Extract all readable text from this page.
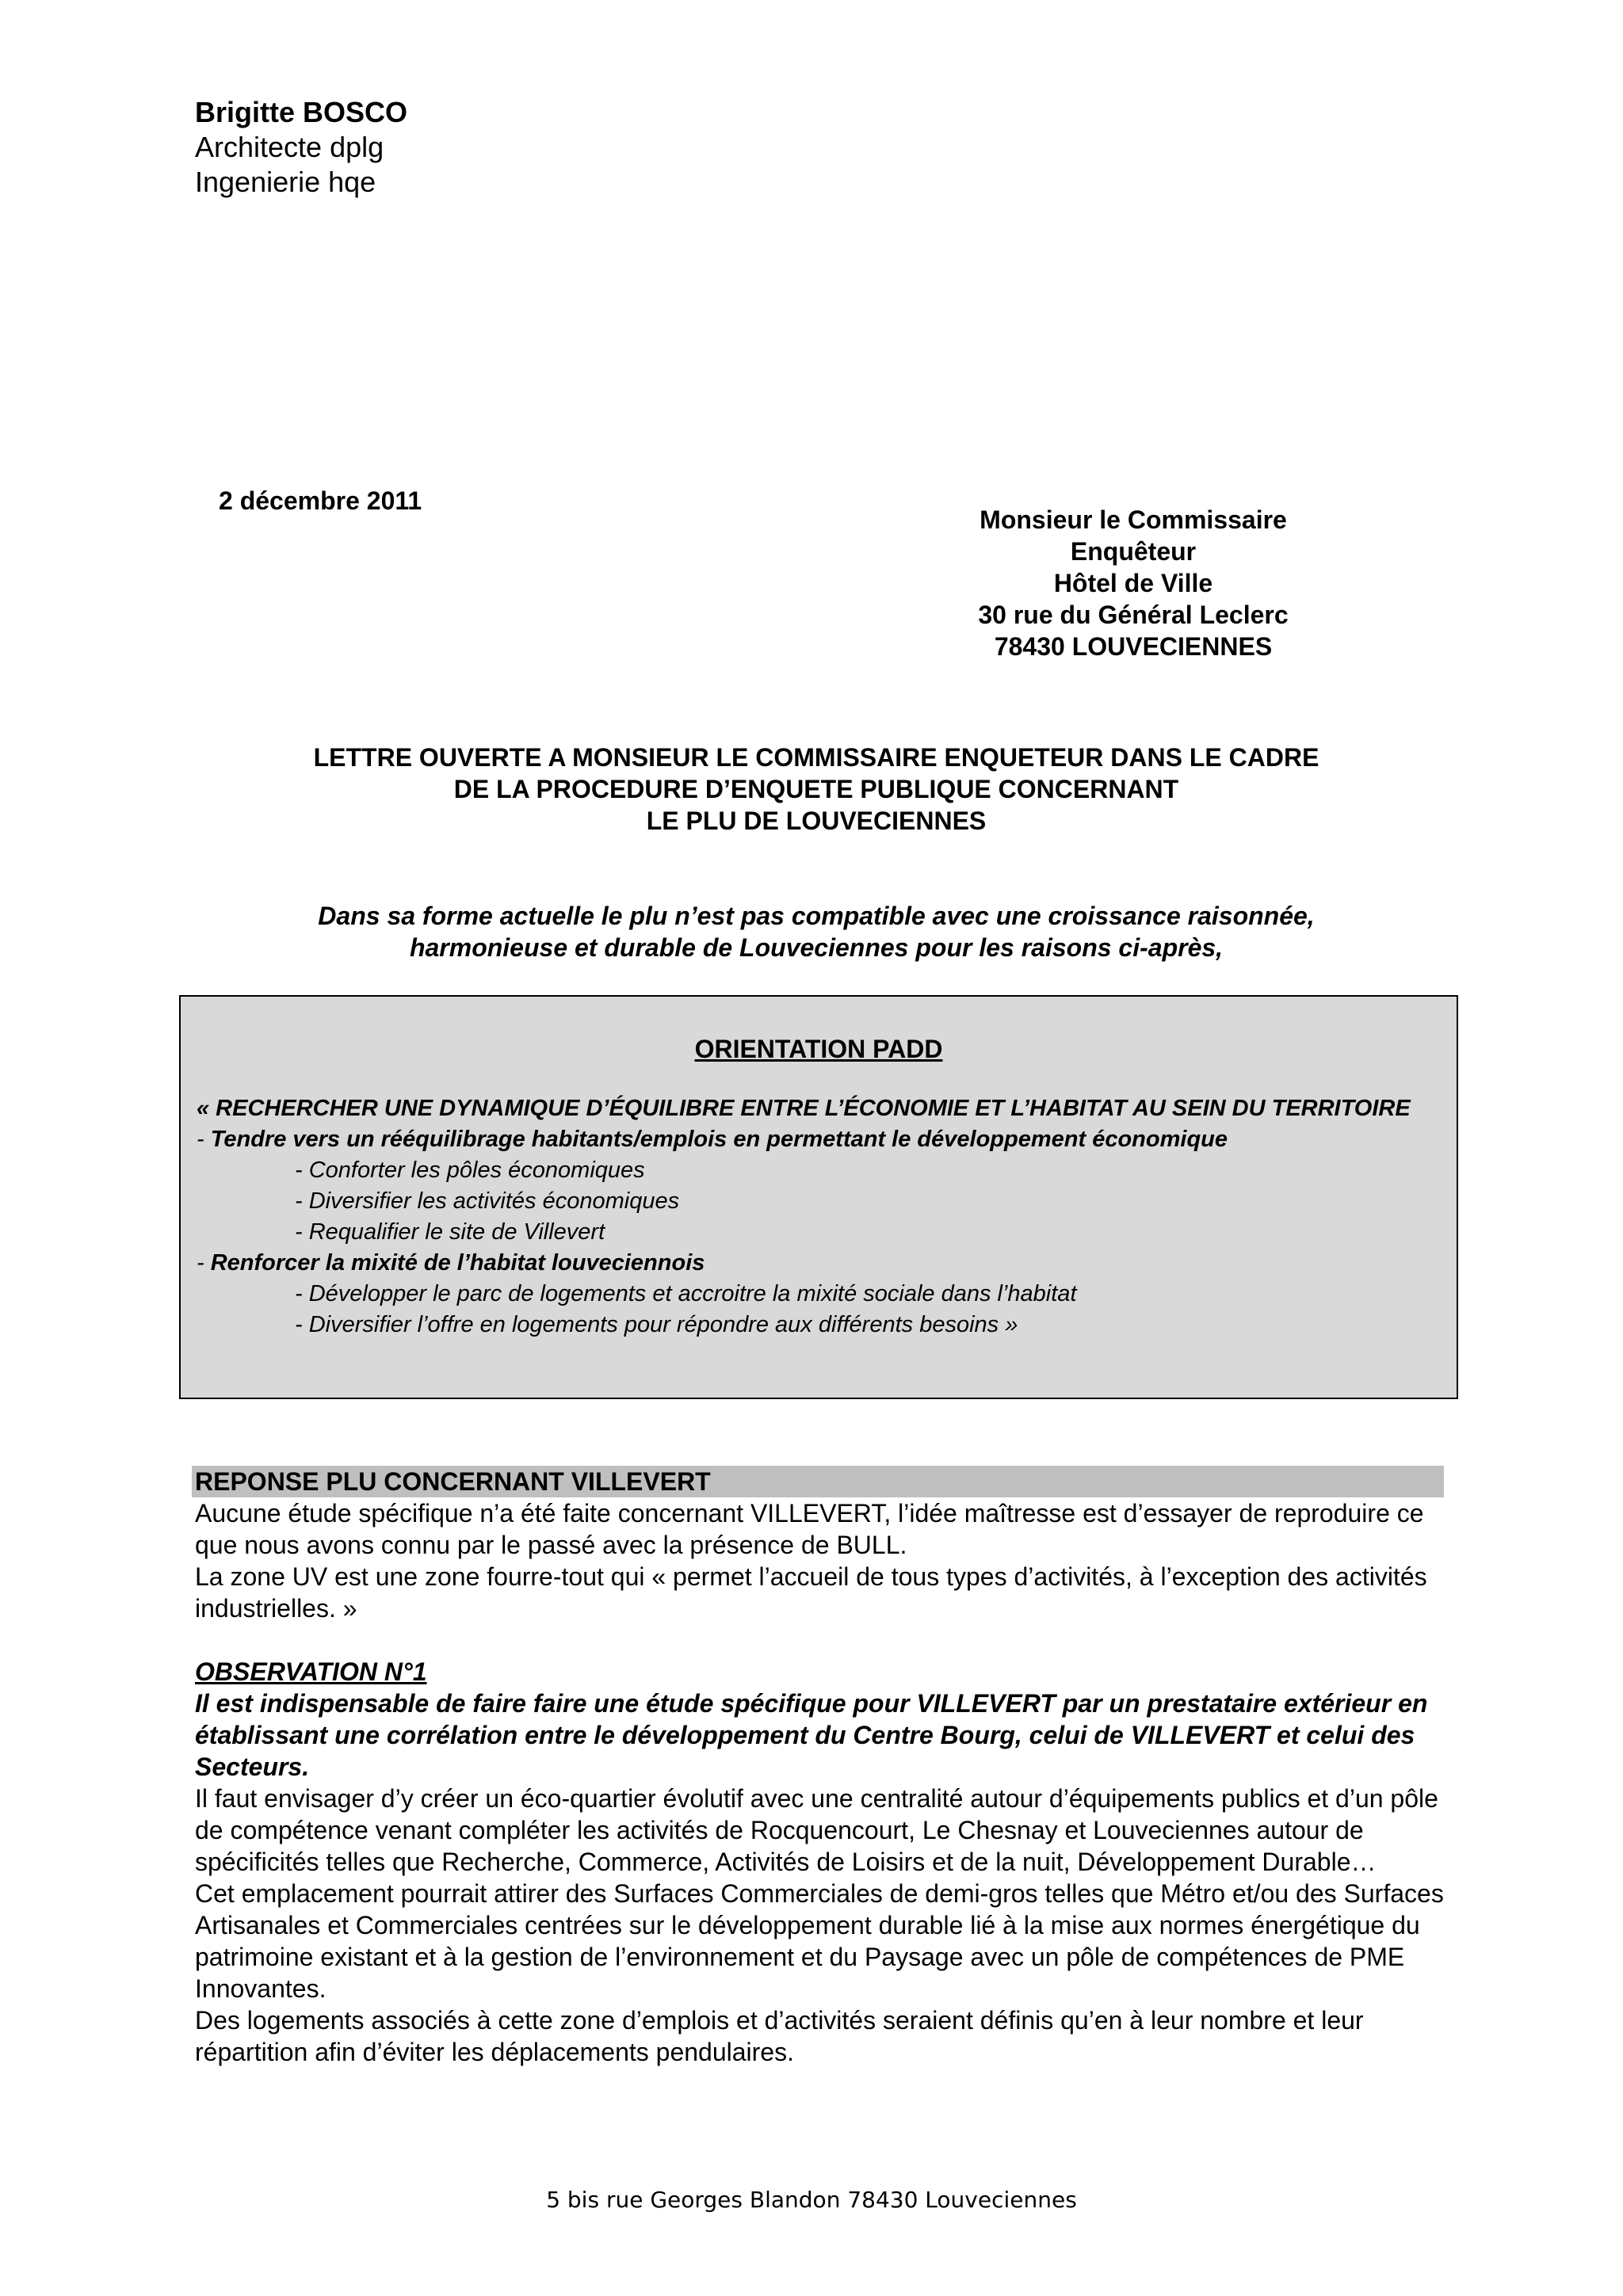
Brigitte BOSCO
Architecte dplg
Ingenierie hqe
2 décembre 2011
Monsieur le Commissaire
Enquêteur
Hôtel de Ville
30 rue du Général Leclerc
78430 LOUVECIENNES
LETTRE OUVERTE A MONSIEUR LE COMMISSAIRE ENQUETEUR DANS LE CADRE
DE LA PROCEDURE D’ENQUETE PUBLIQUE CONCERNANT
LE PLU DE LOUVECIENNES
Dans sa forme actuelle le plu n’est pas compatible avec une croissance raisonnée,
harmonieuse et durable de Louveciennes pour les raisons ci-après,
ORIENTATION PADD
« RECHERCHER UNE DYNAMIQUE D’ÉQUILIBRE ENTRE L’ÉCONOMIE ET L’HABITAT AU SEIN DU TERRITOIRE
- Tendre vers un rééquilibrage habitants/emplois en permettant le développement économique
- Conforter les pôles économiques
- Diversifier les activités économiques
- Requalifier le site de Villevert
- Renforcer la mixité de l’habitat louveciennois
- Développer le parc de logements et accroitre la mixité sociale dans l’habitat
- Diversifier l’offre en logements pour répondre aux différents besoins »
REPONSE PLU CONCERNANT VILLEVERT
Aucune étude spécifique n’a été faite concernant VILLEVERT, l’idée maîtresse est d’essayer de reproduire ce que nous avons connu par le passé avec la présence de BULL.
La zone UV est une zone fourre-tout qui « permet l’accueil de tous types d’activités, à l’exception des activités industrielles. »
OBSERVATION N°1
Il est indispensable de faire faire une étude spécifique pour VILLEVERT par un prestataire extérieur en établissant une corrélation entre le développement du Centre Bourg, celui de VILLEVERT et celui des Secteurs.
Il faut envisager d’y créer un éco-quartier évolutif avec une centralité autour d’équipements publics et d’un pôle de compétence venant compléter les activités de Rocquencourt, Le Chesnay et Louveciennes autour de spécificités telles que Recherche, Commerce, Activités de Loisirs et de la nuit, Développement Durable…
Cet emplacement pourrait attirer des Surfaces Commerciales de demi-gros telles que Métro et/ou des Surfaces Artisanales et Commerciales centrées sur le développement durable lié à la mise aux normes énergétique du patrimoine existant et à la gestion de l’environnement et du Paysage avec un pôle de compétences de PME Innovantes.
Des logements associés à cette zone d’emplois et d’activités seraient définis qu’en à leur nombre et leur répartition afin d’éviter les déplacements pendulaires.
5 bis rue Georges Blandon 78430 Louveciennes
